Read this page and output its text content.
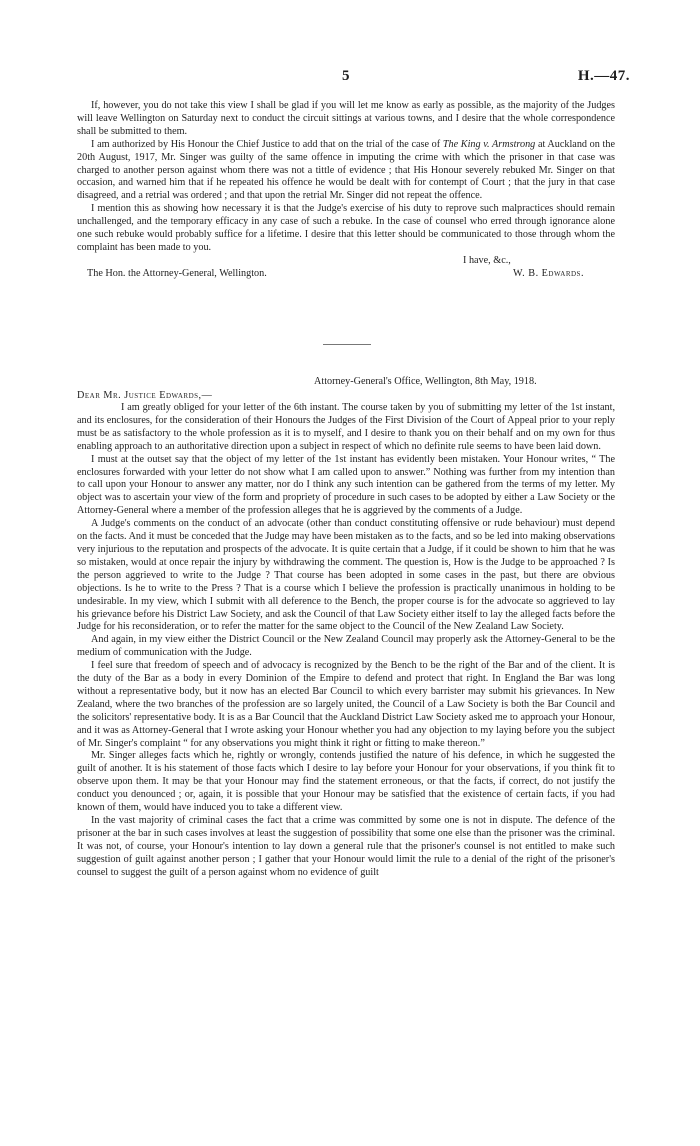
5	H.—47.

If, however, you do not take this view I shall be glad if you will let me know as early as possible, as the majority of the Judges will leave Wellington on Saturday next to conduct the circuit sittings at various towns, and I desire that the whole correspondence shall be submitted to them.

I am authorized by His Honour the Chief Justice to add that on the trial of the case of The King v. Armstrong at Auckland on the 20th August, 1917, Mr. Singer was guilty of the same offence in imputing the crime with which the prisoner in that case was charged to another person against whom there was not a tittle of evidence ; that His Honour severely rebuked Mr. Singer on that occasion, and warned him that if he repeated his offence he would be dealt with for contempt of Court ; that the jury in that case disagreed, and a retrial was ordered ; and that upon the retrial Mr. Singer did not repeat the offence.

I mention this as showing how necessary it is that the Judge's exercise of his duty to reprove such malpractices should remain unchallenged, and the temporary efficacy in any case of such a rebuke. In the case of counsel who erred through ignorance alone one such rebuke would probably suffice for a lifetime. I desire that this letter should be communicated to those through whom the complaint has been made to you.

I have, &c.,
The Hon. the Attorney-General, Wellington.	W. B. Edwards.
Attorney-General's Office, Wellington, 8th May, 1918.
Dear Mr. Justice Edwards,—

I am greatly obliged for your letter of the 6th instant. The course taken by you of submitting my letter of the 1st instant, and its enclosures, for the consideration of their Honours the Judges of the First Division of the Court of Appeal prior to your reply must be as satisfactory to the whole profession as it is to myself, and I desire to thank you on their behalf and on my own for thus enabling approach to an authoritative direction upon a subject in respect of which no definite rule seems to have been laid down.

I must at the outset say that the object of my letter of the 1st instant has evidently been mistaken. Your Honour writes, “ The enclosures forwarded with your letter do not show what I am called upon to answer.” Nothing was further from my intention than to call upon your Honour to answer any matter, nor do I think any such intention can be gathered from the terms of my letter. My object was to ascertain your view of the form and propriety of procedure in such cases to be adopted by either a Law Society or the Attorney-General where a member of the profession alleges that he is aggrieved by the comments of a Judge.

A Judge's comments on the conduct of an advocate (other than conduct constituting offensive or rude behaviour) must depend on the facts. And it must be conceded that the Judge may have been mistaken as to the facts, and so be led into making observations very injurious to the reputation and prospects of the advocate. It is quite certain that a Judge, if it could be shown to him that he was so mistaken, would at once repair the injury by withdrawing the comment. The question is, How is the Judge to be approached ? Is the person aggrieved to write to the Judge ? That course has been adopted in some cases in the past, but there are obvious objections. Is he to write to the Press ? That is a course which I believe the profession is practically unanimous in holding to be undesirable. In my view, which I submit with all deference to the Bench, the proper course is for the advocate so aggrieved to lay his grievance before his District Law Society, and ask the Council of that Law Society either itself to lay the alleged facts before the Judge for his reconsideration, or to refer the matter for the same object to the Council of the New Zealand Law Society.

And again, in my view either the District Council or the New Zealand Council may properly ask the Attorney-General to be the medium of communication with the Judge.

I feel sure that freedom of speech and of advocacy is recognized by the Bench to be the right of the Bar and of the client. It is the duty of the Bar as a body in every Dominion of the Empire to defend and protect that right. In England the Bar was long without a representative body, but it now has an elected Bar Council to which every barrister may submit his grievances. In New Zealand, where the two branches of the profession are so largely united, the Council of a Law Society is both the Bar Council and the solicitors' representative body. It is as a Bar Council that the Auckland District Law Society asked me to approach your Honour, and it was as Attorney-General that I wrote asking your Honour whether you had any objection to my laying before you the subject of Mr. Singer's complaint “ for any observations you might think it right or fitting to make thereon.”

Mr. Singer alleges facts which he, rightly or wrongly, contends justified the nature of his defence, in which he suggested the guilt of another. It is his statement of those facts which I desire to lay before your Honour for your observations, if you think fit to observe upon them. It may be that your Honour may find the statement erroneous, or that the facts, if correct, do not justify the conduct you denounced ; or, again, it is possible that your Honour may be satisfied that the existence of certain facts, if you had known of them, would have induced you to take a different view.

In the vast majority of criminal cases the fact that a crime was committed by some one is not in dispute. The defence of the prisoner at the bar in such cases involves at least the suggestion of possibility that some one else than the prisoner was the criminal. It was not, of course, your Honour's intention to lay down a general rule that the prisoner's counsel is not entitled to make such suggestion of guilt against another person ; I gather that your Honour would limit the rule to a denial of the right of the prisoner's counsel to suggest the guilt of a person against whom no evidence of guilt
